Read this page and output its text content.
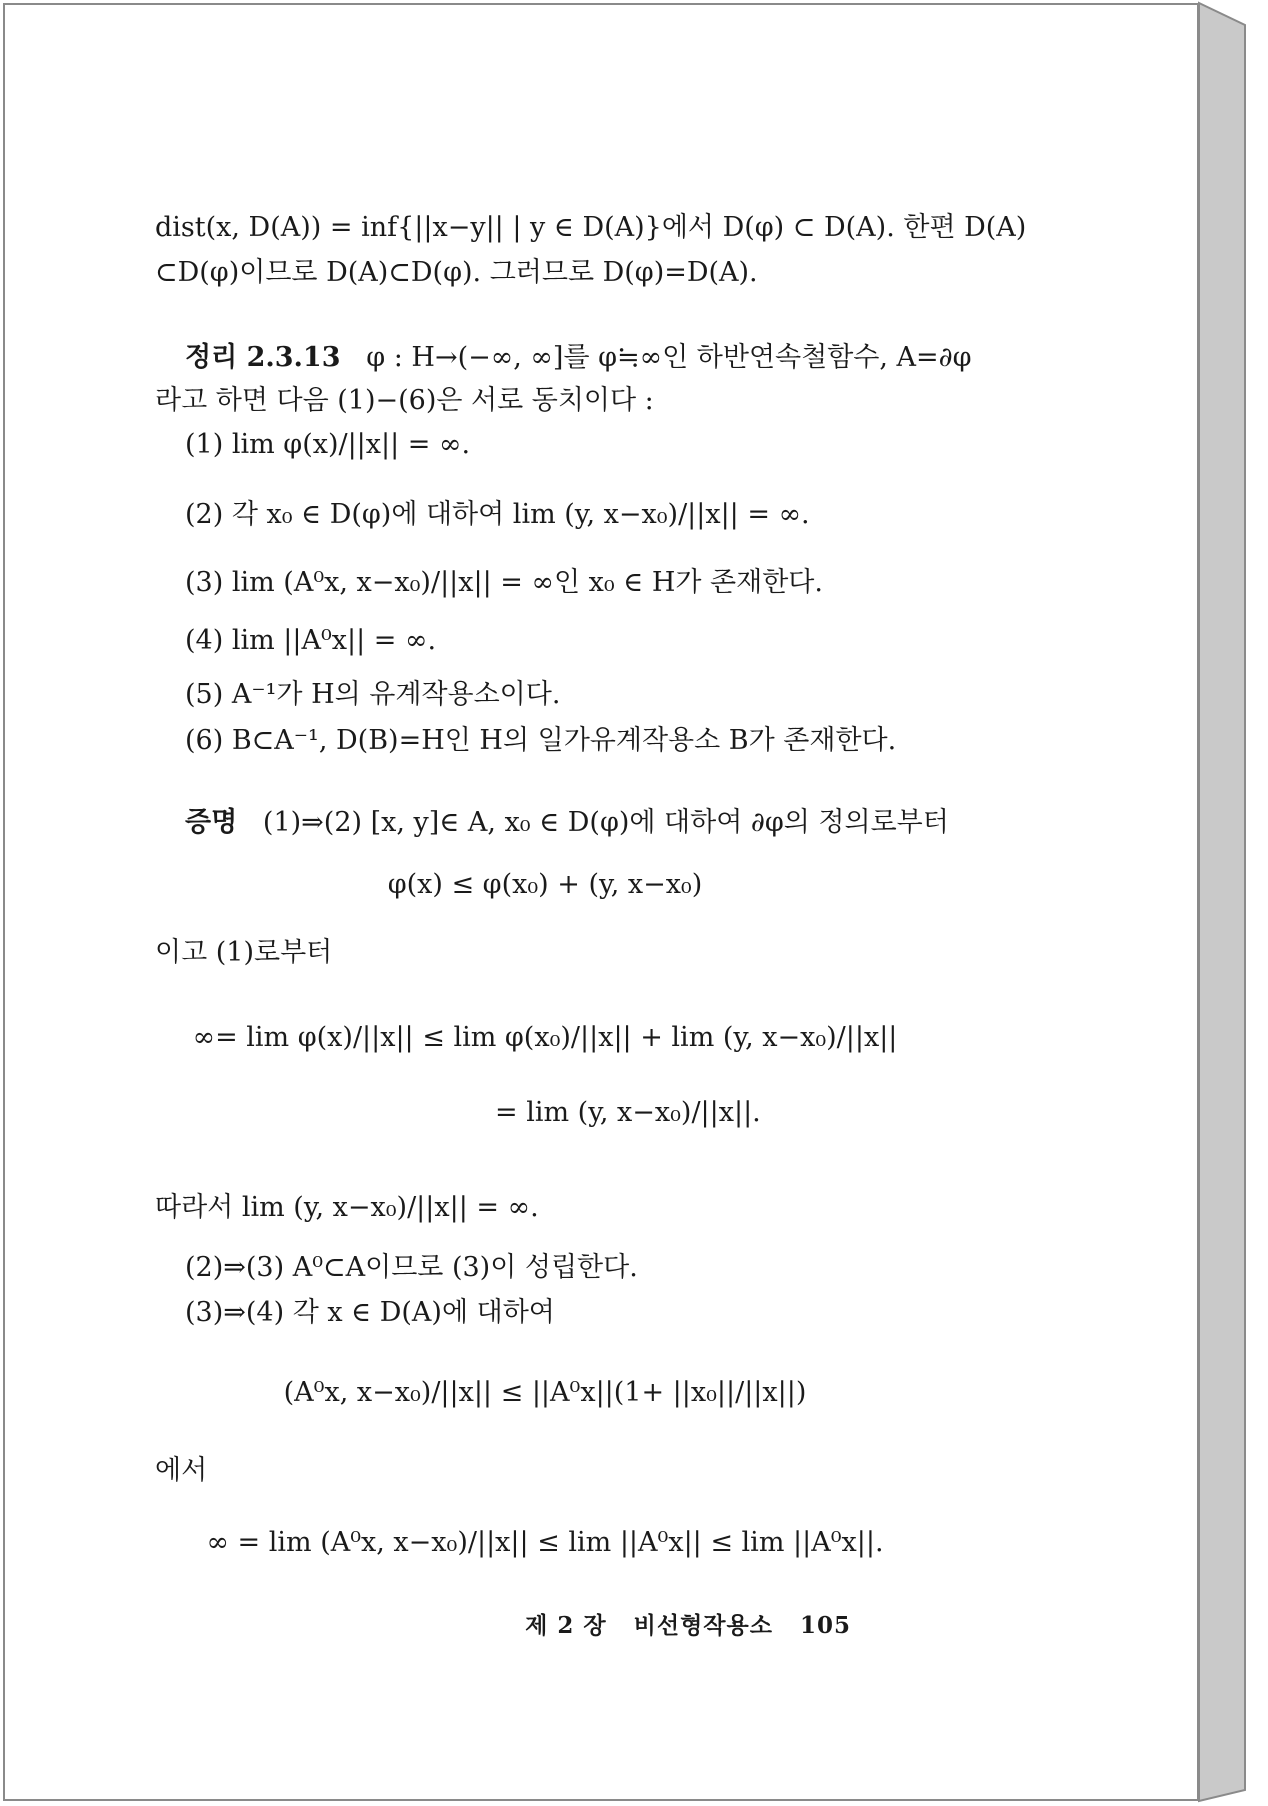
dist(x, D(A)) = inf{||x−y|| | y ∈ D(A)}에서 D(φ) ⊂ D(A). 한편 D(A)
⊂D(φ)이므로 D(A)⊂D(φ). 그러므로 D(φ)=D(A).
정리 2.3.13 φ : H→(−∞, ∞]를 φ≒∞인 하반연속철함수, A=∂φ
라고 하면 다음 (1)−(6)은 서로 동치이다 :
(1) lim φ(x)/||x|| = ∞.
(2) 각 x₀ ∈ D(φ)에 대하여 lim (y, x−x₀)/||x|| = ∞.
(3) lim (A⁰x, x−x₀)/||x|| = ∞인 x₀ ∈ H가 존재한다.
(4) lim ||A⁰x|| = ∞.
(5) A⁻¹가 H의 유계작용소이다.
(6) B⊂A⁻¹, D(B)=H인 H의 일가유계작용소 B가 존재한다.
증명 (1)⇒(2) [x, y]∈ A, x₀ ∈ D(φ)에 대하여 ∂φ의 정의로부터
φ(x) ≤ φ(x₀) + (y, x−x₀)
이고 (1)로부터
∞= lim φ(x)/||x|| ≤ lim φ(x₀)/||x|| + lim (y, x−x₀)/||x||
= lim (y, x−x₀)/||x||.
따라서 lim (y, x−x₀)/||x|| = ∞.
(2)⇒(3) A⁰⊂A이므로 (3)이 성립한다.
(3)⇒(4) 각 x ∈ D(A)에 대하여
(A⁰x, x−x₀)/||x|| ≤ ||A⁰x||(1+ ||x₀||/||x||)
에서
∞ = lim (A⁰x, x−x₀)/||x|| ≤ lim ||A⁰x|| ≤ lim ||A⁰x||.
제 2 장 비선형작용소 105
